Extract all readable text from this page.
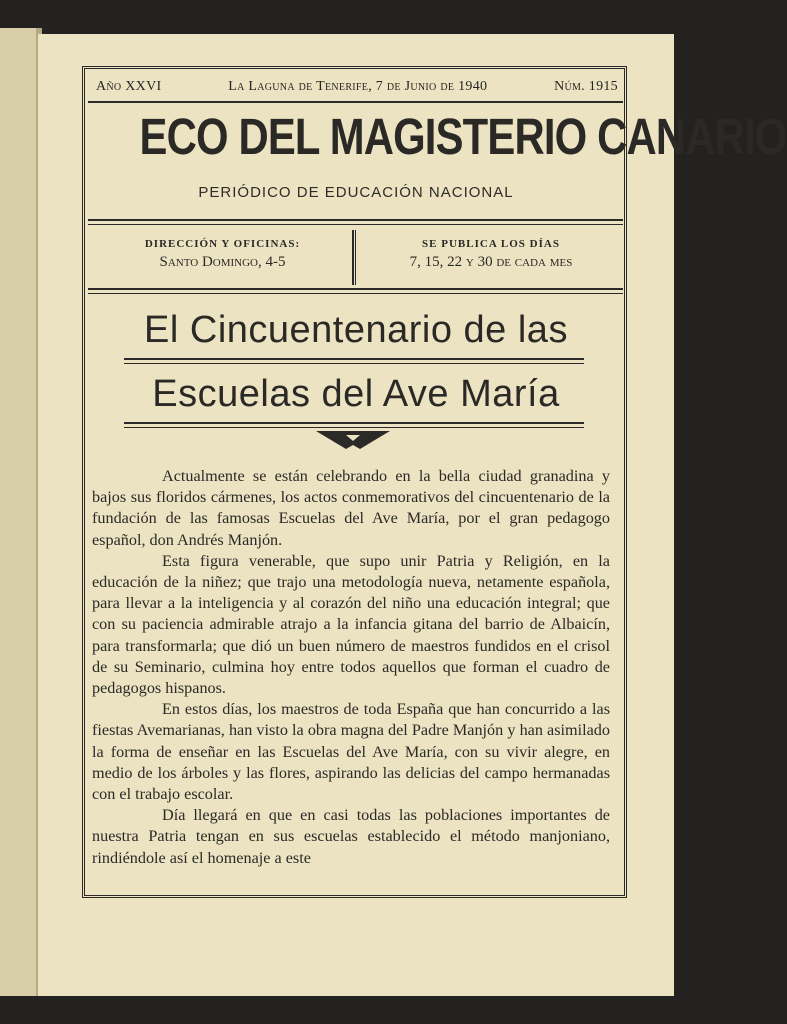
Año XXVI	La Laguna de Tenerife, 7 de Junio de 1940	Núm. 1915
ECO DEL MAGISTERIO CANARIO
PERIÓDICO DE EDUCACIÓN NACIONAL
DIRECCIÓN Y OFICINAS:
Santo Domingo, 4-5
SE PUBLICA LOS DÍAS
7, 15, 22 y 30 de cada mes
El Cincuentenario de las
Escuelas del Ave María

Actualmente se están celebrando en la bella ciudad granadina y bajos sus floridos cármenes, los actos conmemorativos del cincuentenario de la fundación de las famosas Escuelas del Ave María, por el gran pedagogo español, don Andrés Manjón.

Esta figura venerable, que supo unir Patria y Religión, en la educación de la niñez; que trajo una metodología nueva, netamente española, para llevar a la inteligencia y al corazón del niño una educación integral; que con su paciencia admirable atrajo a la infancia gitana del barrio de Albaicín, para transformarla; que dió un buen número de maestros fundidos en el crisol de su Seminario, culmina hoy entre todos aquellos que forman el cuadro de pedagogos hispanos.

En estos días, los maestros de toda España que han concurrido a las fiestas Avemarianas, han visto la obra magna del Padre Manjón y han asimilado la forma de enseñar en las Escuelas del Ave María, con su vivir alegre, en medio de los árboles y las flores, aspirando las delicias del campo hermanadas con el trabajo escolar.

Día llegará en que en casi todas las poblaciones importantes de nuestra Patria tengan en sus escuelas establecido el método manjoniano, rindiéndole así el homenaje a este
